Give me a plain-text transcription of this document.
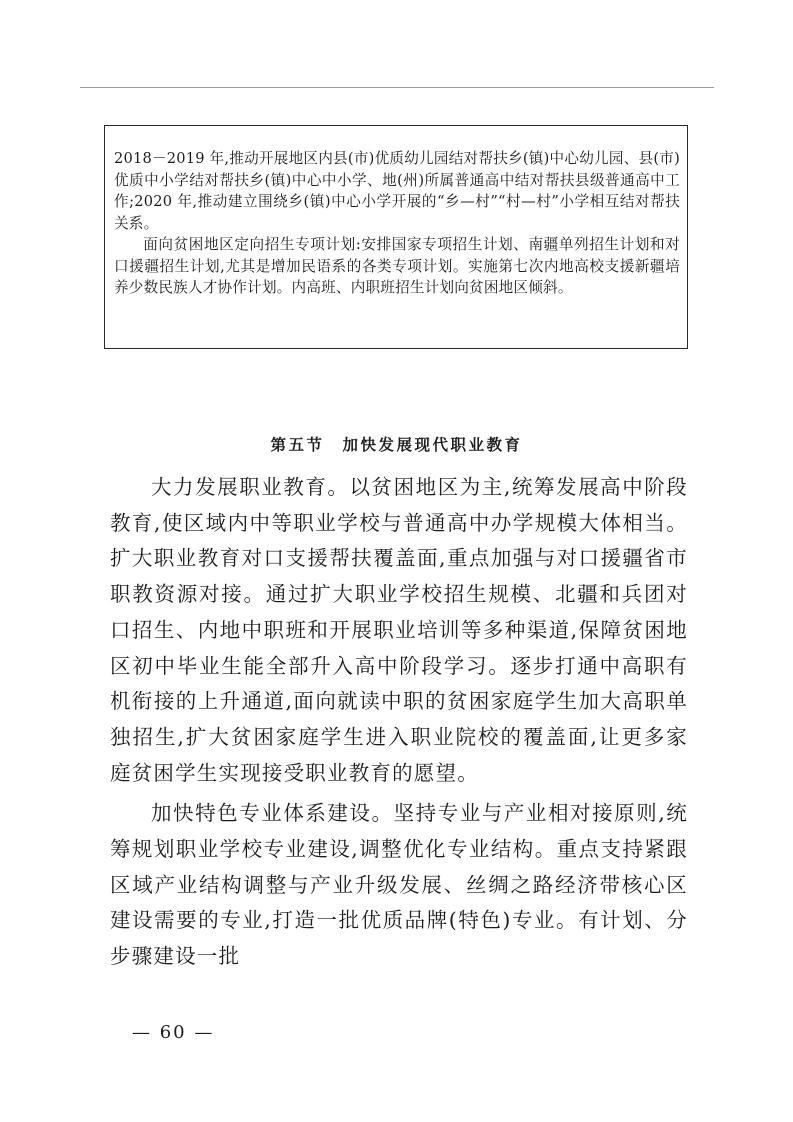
2018－2019 年,推动开展地区内县(市)优质幼儿园结对帮扶乡(镇)中心幼儿园、县(市)优质中小学结对帮扶乡(镇)中心中小学、地(州)所属普通高中结对帮扶县级普通高中工作;2020 年,推动建立围绕乡(镇)中心小学开展的“乡—村”“村—村”小学相互结对帮扶关系。

面向贫困地区定向招生专项计划:安排国家专项招生计划、南疆单列招生计划和对口援疆招生计划,尤其是增加民语系的各类专项计划。实施第七次内地高校支援新疆培养少数民族人才协作计划。内高班、内职班招生计划向贫困地区倾斜。

第五节　加快发展现代职业教育

大力发展职业教育。以贫困地区为主,统筹发展高中阶段教育,使区域内中等职业学校与普通高中办学规模大体相当。扩大职业教育对口支援帮扶覆盖面,重点加强与对口援疆省市职教资源对接。通过扩大职业学校招生规模、北疆和兵团对口招生、内地中职班和开展职业培训等多种渠道,保障贫困地区初中毕业生能全部升入高中阶段学习。逐步打通中高职有机衔接的上升通道,面向就读中职的贫困家庭学生加大高职单独招生,扩大贫困家庭学生进入职业院校的覆盖面,让更多家庭贫困学生实现接受职业教育的愿望。

加快特色专业体系建设。坚持专业与产业相对接原则,统筹规划职业学校专业建设,调整优化专业结构。重点支持紧跟区域产业结构调整与产业升级发展、丝绸之路经济带核心区建设需要的专业,打造一批优质品牌(特色)专业。有计划、分步骤建设一批

— 60 —
